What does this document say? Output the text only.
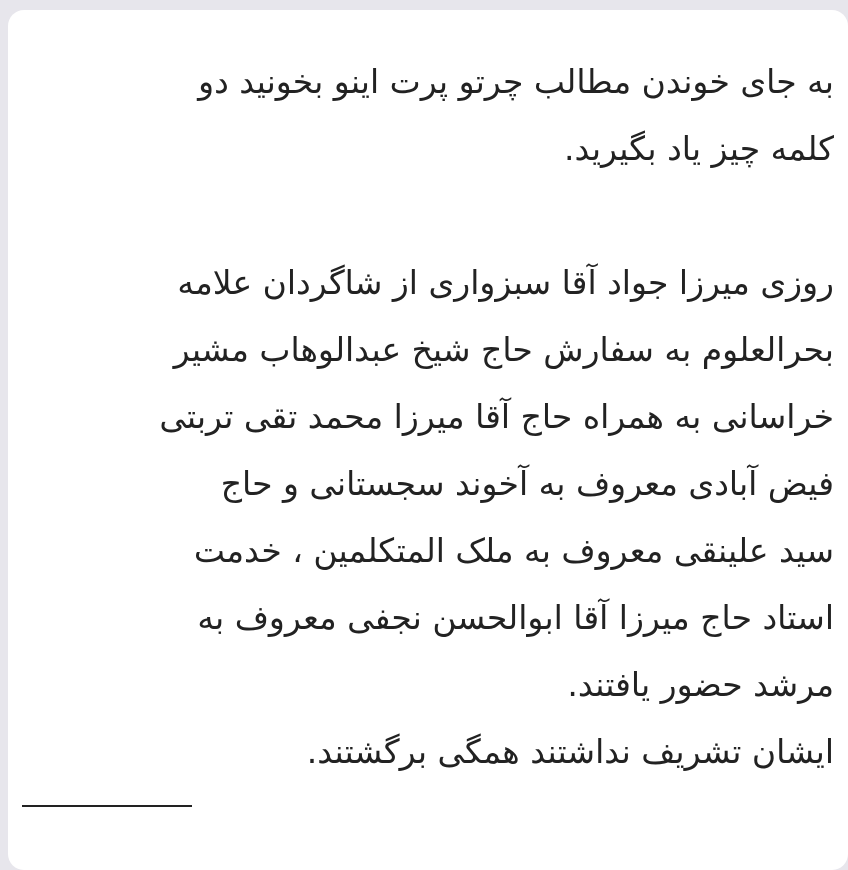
به جای خوندن مطالب چرتو پرت اینو بخونید دو

کلمه چیز یاد بگیرید.

روزی میرزا جواد آقا سبزواری از شاگردان علامه

بحرالعلوم به سفارش حاج شیخ عبدالوهاب مشیر

خراسانی به همراه حاج آقا میرزا محمد تقی تربتی

فیض آبادی معروف به آخوند سجستانی و حاج

سید علینقی معروف به ملک المتکلمین ، خدمت

استاد حاج میرزا آقا ابوالحسن نجفی معروف به

مرشد حضور یافتند.

ایشان تشریف نداشتند همگی برگشتند.
